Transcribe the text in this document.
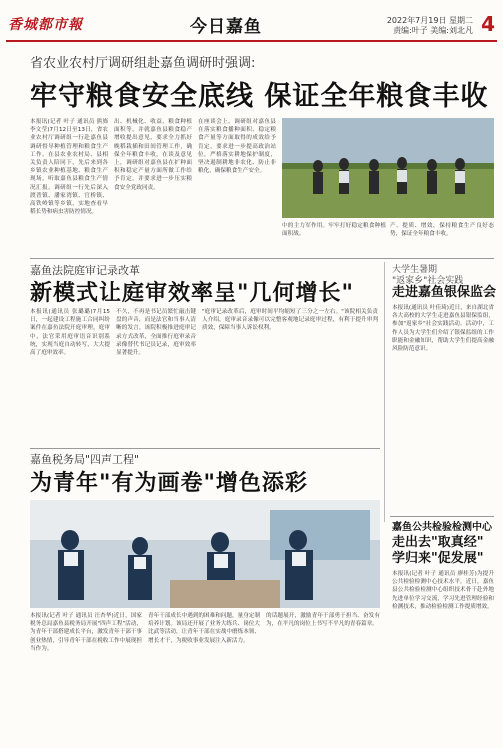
香城都市報	今日嘉鱼	2022年7月19日 星期二
责编:叶子 美编:刘北凡 4
省农业农村厅调研组赴嘉鱼调研时强调:
牢守粮食安全底线 保证全年粮食丰收
本报讯(记者 叶子 通讯员 熊旖李文莹)7月12日至13日，省农业农村厅调研组一行赴嘉鱼县调研督导种植管理和粮食生产工作。在县农业农村局、县相关负责人陪同下，先后来到各乡镇农业种植基地、粮食生产现场，听取嘉鱼县粮食生产情况汇报。调研组一行先后深入渡普镇、潘家湾镇、官桥镇、高铁岭镇等乡镇，实地查看早稻长势和病虫害防控情况。
出、机械化、收益、粮食种植面积等，并就嘉鱼县粮食稳产增收提出意见，要求全力抓好晚稻栽插和田间管理工作，确保全年粮食丰收。在谈及意见上，调研组对嘉鱼县在扩种面积和稳定产量方面所做工作给予肯定，并要求进一步压实粮食安全党政同责。
在座谈会上，调研组对嘉鱼县在落实粮食播种面积、稳定粮食产量等方面取得的成效给予肯定，要求进一步提高政治站位，严格落实耕地保护制度，坚决遏制耕地非农化、防止非粮化，确保粮食生产安全。
中的主力军作用。牢牢打好稳定粮食种植面积战。
产、提质、增效，保持粮食生产良好态势，保证全年粮食丰收。
嘉鱼法院庭审记录改革
新模式让庭审效率呈"几何增长"
本报讯(通讯员 张璐璐)7月15日，一起建设工程施工合同纠纷案件在嘉鱼法院开庭审理。庭审中，法官采用庭审语音识别系统，实现当庭自动转写，大大提高了庭审效率。
不久，不再是书记员繁忙敲击键盘的声音，而是法官和当事人清晰的发言。该院积极推进庭审记录方式改革，全面推行庭审录音录像替代书记员记录，庭审效率显著提升。
"庭审记录改革后，庭审时间平均缩短了三分之一左右。"该院相关负责人介绍，庭审录音录像可以完整客观地记录庭审过程，有利于提升审判质效，保障当事人诉讼权利。
大学生暑期
"返家乡"社会实践
走进嘉鱼银保监会
本报讯(通讯员 叶佳琦)近日，来自湖北省各大高校的大学生走进嘉鱼县银保监组，参加"返家乡"社会实践活动。活动中，工作人员为大学生们介绍了银保监组的工作职能和金融知识，帮助大学生们提高金融风险防范意识。
嘉鱼税务局"四声工程"
为青年"有为画卷"增色添彩
本报讯(记者 叶子 通讯员 汪杏华)近日，国家税务总局嘉鱼县税务局开展"四声工程"活动，为青年干部搭建成长平台，激发青年干部干事创业热情，引导青年干部在税收工作中展现担当作为。
青年干部成长中遇到的困难和问题，量身定制培养计划。该局还开展了业务大练兵、岗位大比武等活动，让青年干部在实战中磨炼本领、增长才干，为税收事业发展注入新活力。
的话题展开，激励青年干部勇于担当、奋发有为，在平凡的岗位上书写不平凡的青春篇章。
嘉鱼公共检验检测中心
走出去"取真经"
学归来"促发展"
本报讯(记者 叶子 通讯员 廖桂芳)为提升公共检验检测中心技术水平，近日，嘉鱼县公共检验检测中心组织技术骨干赴外地先进单位学习交流，学习先进管理经验和检测技术，推动检验检测工作提质增效。
